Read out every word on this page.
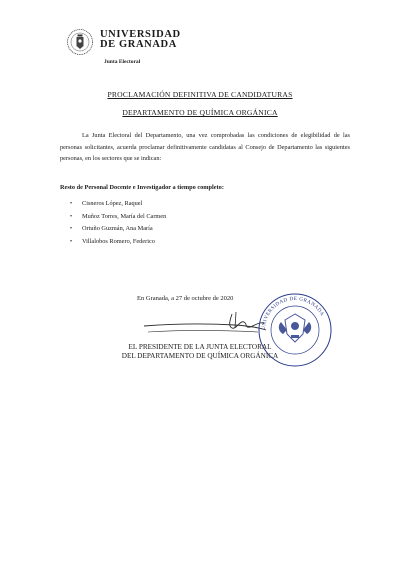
UNIVERSIDAD
DE GRANADA
Junta Electoral
PROCLAMACIÓN DEFINITIVA DE CANDIDATURAS
DEPARTAMENTO DE QUÍMICA ORGÁNICA
La Junta Electoral del Departamento, una vez comprobadas las condiciones de elegibilidad de las personas solicitantes, acuerda proclamar definitivamente candidatas al Consejo de Departamento las siguientes personas, en los sectores que se indican:
Resto de Personal Docente e Investigador a tiempo completo:
• Cisneros López, Raquel
• Muñoz Torres, María del Carmen
• Ortuño Guzmán, Ana María
• Villalobos Romero, Federico
En Granada, a 27 de octubre de 2020
UNIVERSIDAD DE GRANADA
EL PRESIDENTE DE LA JUNTA ELECTORAL
DEL DEPARTAMENTO DE QUÍMICA ORGÁNICA
